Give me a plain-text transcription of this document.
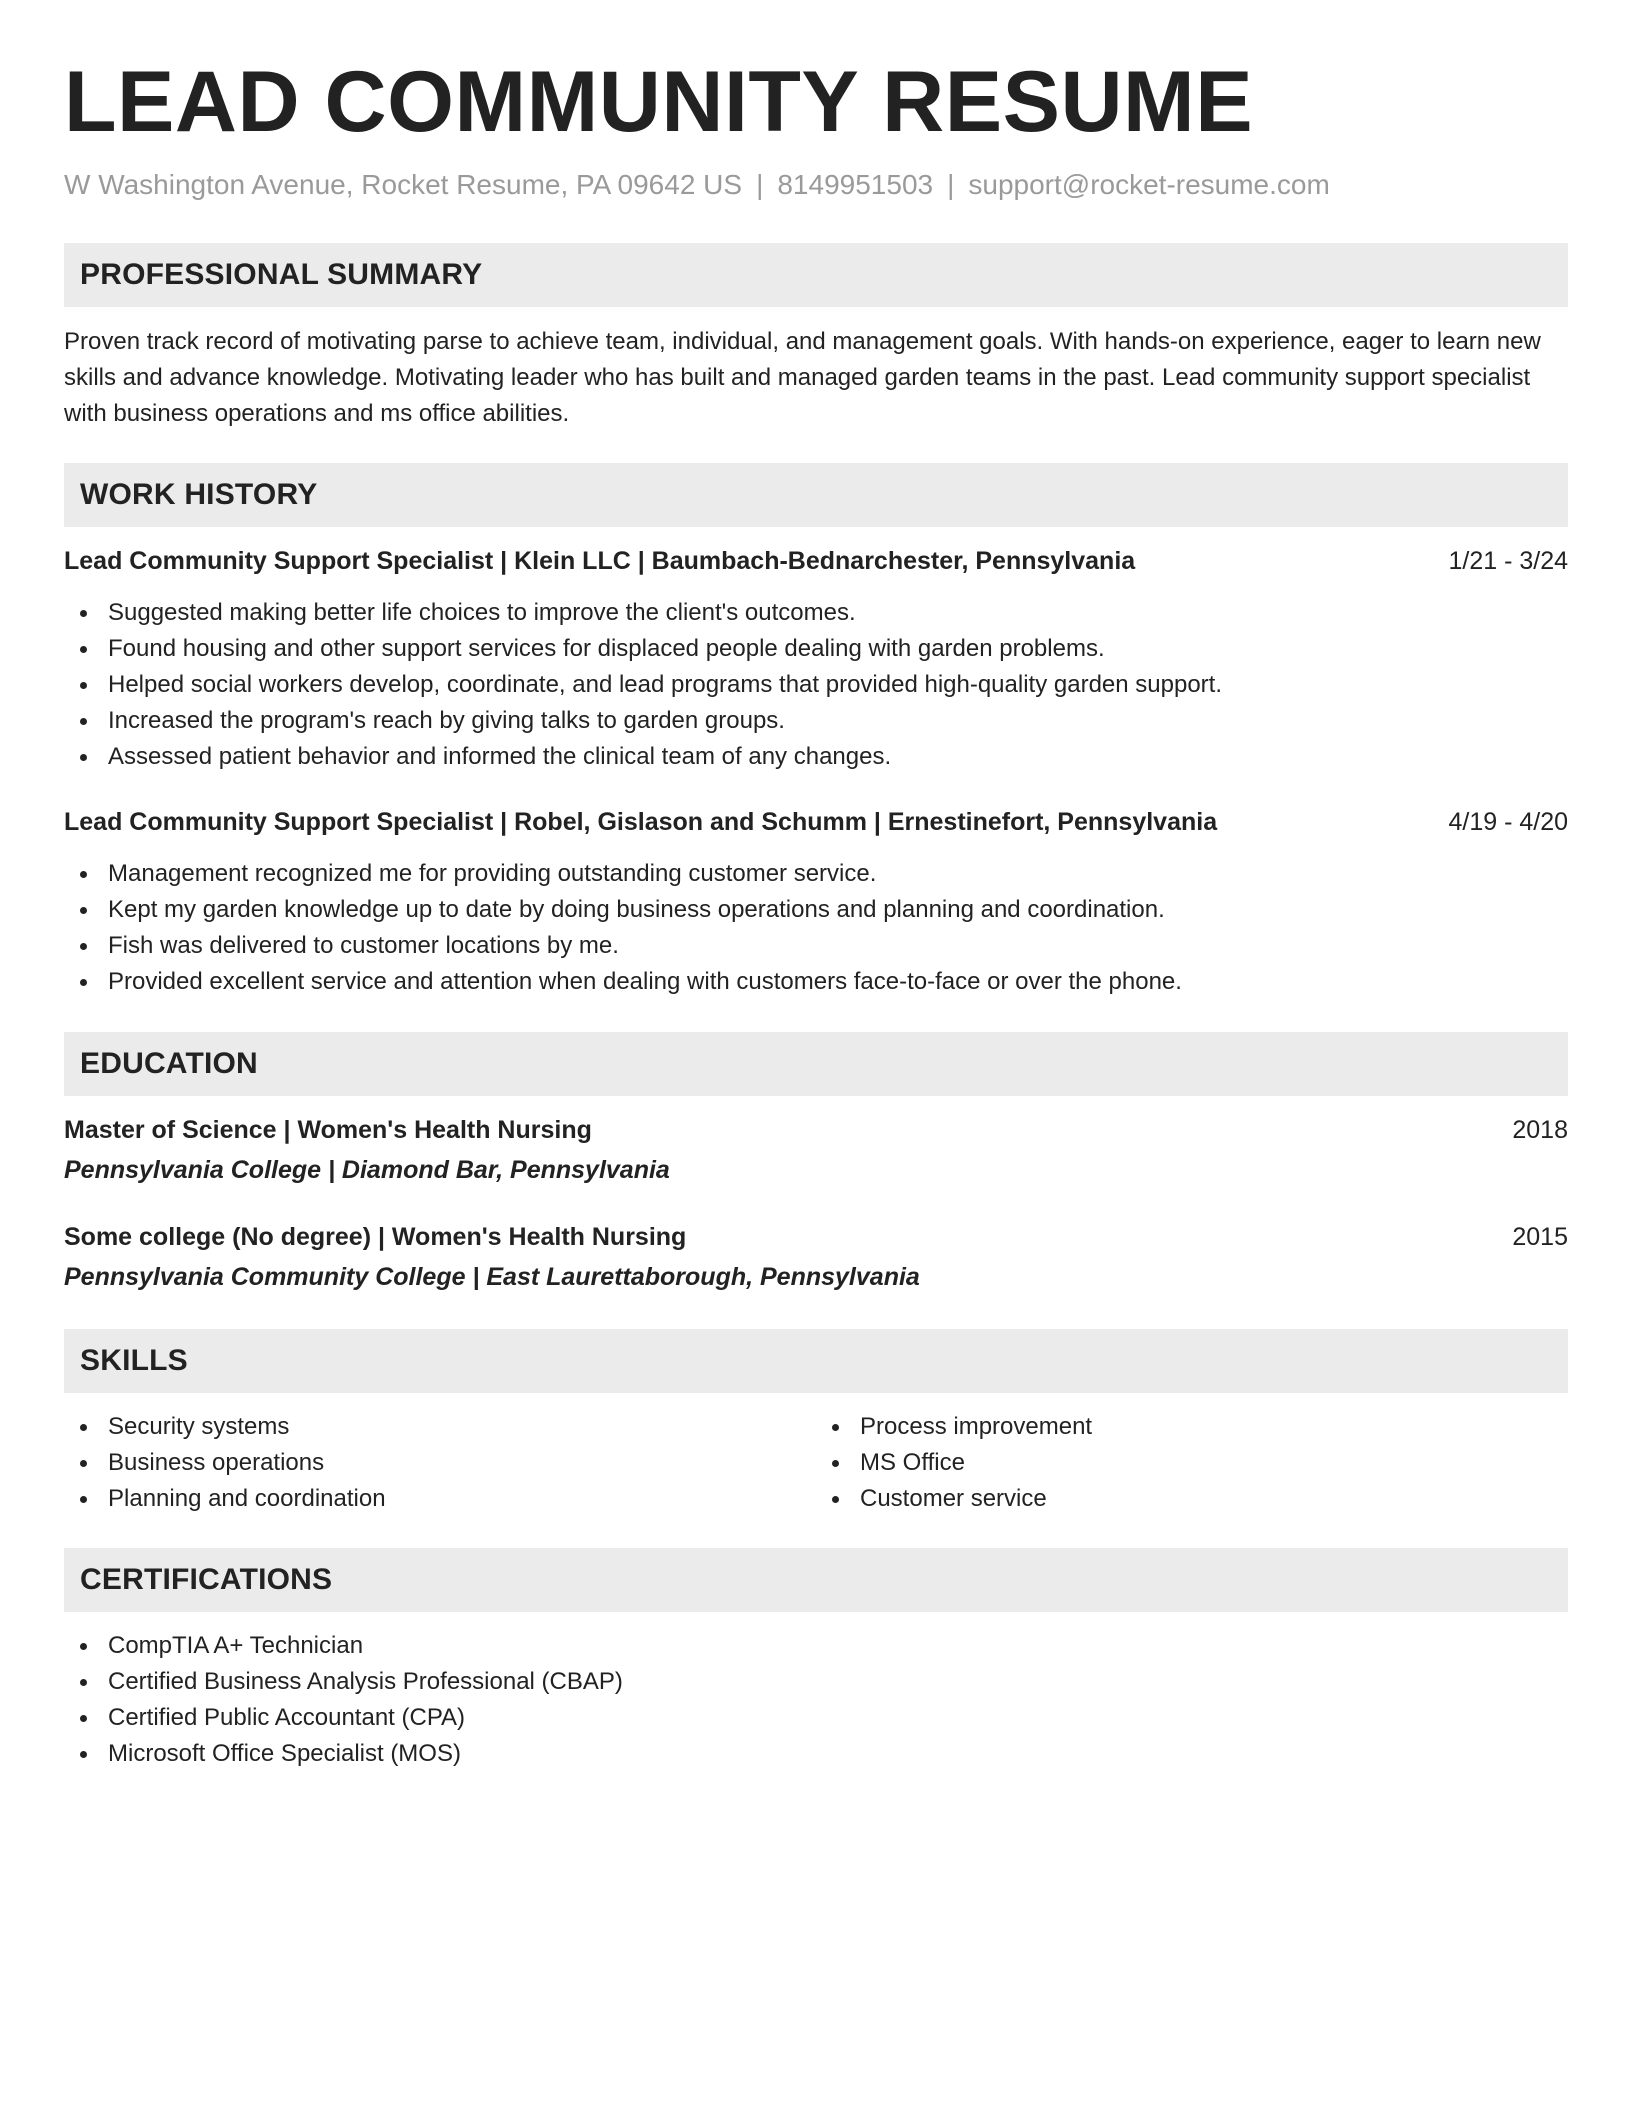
LEAD COMMUNITY RESUME
W Washington Avenue, Rocket Resume, PA 09642 US | 8149951503 | support@rocket-resume.com
PROFESSIONAL SUMMARY

Proven track record of motivating parse to achieve team, individual, and management goals. With hands-on experience, eager to learn new skills and advance knowledge. Motivating leader who has built and managed garden teams in the past. Lead community support specialist with business operations and ms office abilities.

WORK HISTORY
Lead Community Support Specialist | Klein LLC | Baumbach-Bednarchester, Pennsylvania	1/21 - 3/24
Suggested making better life choices to improve the client's outcomes.
Found housing and other support services for displaced people dealing with garden problems.
Helped social workers develop, coordinate, and lead programs that provided high-quality garden support.
Increased the program's reach by giving talks to garden groups.
Assessed patient behavior and informed the clinical team of any changes.
Lead Community Support Specialist | Robel, Gislason and Schumm | Ernestinefort, Pennsylvania	4/19 - 4/20
Management recognized me for providing outstanding customer service.
Kept my garden knowledge up to date by doing business operations and planning and coordination.
Fish was delivered to customer locations by me.
Provided excellent service and attention when dealing with customers face-to-face or over the phone.
EDUCATION
Master of Science | Women's Health Nursing	2018
Pennsylvania College | Diamond Bar, Pennsylvania
Some college (No degree) | Women's Health Nursing	2015
Pennsylvania Community College | East Laurettaborough, Pennsylvania
SKILLS
Security systems
Business operations
Planning and coordination
Process improvement
MS Office
Customer service
CERTIFICATIONS
CompTIA A+ Technician
Certified Business Analysis Professional (CBAP)
Certified Public Accountant (CPA)
Microsoft Office Specialist (MOS)
